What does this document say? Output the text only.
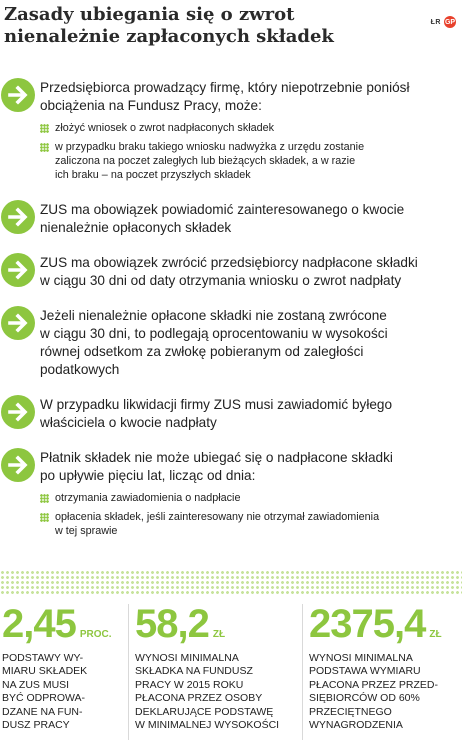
Zasady ubiegania się o zwrot
nienależnie zapłaconych składek
ŁR GP
Przedsiębiorca prowadzący firmę, który niepotrzebnie poniósł
obciążenia na Fundusz Pracy, może:
złożyć wniosek o zwrot nadpłaconych składek
w przypadku braku takiego wniosku nadwyżka z urzędu zostanie
zaliczona na poczet zaległych lub bieżących składek, a w razie
ich braku – na poczet przyszłych składek
ZUS ma obowiązek powiadomić zainteresowanego o kwocie
nienależnie opłaconych składek
ZUS ma obowiązek zwrócić przedsiębiorcy nadpłacone składki
w ciągu 30 dni od daty otrzymania wniosku o zwrot nadpłaty
Jeżeli nienależnie opłacone składki nie zostaną zwrócone
w ciągu 30 dni, to podlegają oprocentowaniu w wysokości
równej odsetkom za zwłokę pobieranym od zaległości
podatkowych
W przypadku likwidacji firmy ZUS musi zawiadomić byłego
właściciela o kwocie nadpłaty
Płatnik składek nie może ubiegać się o nadpłacone składki
po upływie pięciu lat, licząc od dnia:
otrzymania zawiadomienia o nadpłacie
opłacenia składek, jeśli zainteresowany nie otrzymał zawiadomienia
w tej sprawie
2,45 PROC.
PODSTAWY WY-
MIARU SKŁADEK
NA ZUS MUSI
BYĆ ODPROWA-
DZANE NA FUN-
DUSZ PRACY
58,2 ZŁ
WYNOSI MINIMALNA
SKŁADKA NA FUNDUSZ
PRACY W 2015 ROKU
PŁACONA PRZEZ OSOBY
DEKLARUJĄCE PODSTAWĘ
W MINIMALNEJ WYSOKOŚCI
2375,4 ZŁ
WYNOSI MINIMALNA
PODSTAWA WYMIARU
PŁACONA PRZEZ PRZED-
SIĘBIORCÓW OD 60%
PRZECIĘTNEGO
WYNAGRODZENIA
